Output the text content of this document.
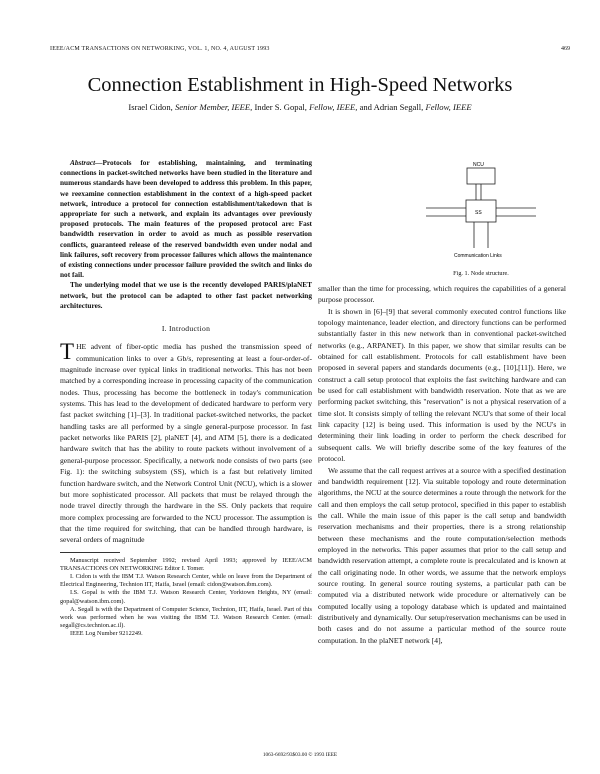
IEEE/ACM TRANSACTIONS ON NETWORKING, VOL. 1, NO. 4, AUGUST 1993	469
Connection Establishment in High-Speed Networks
Israel Cidon, Senior Member, IEEE, Inder S. Gopal, Fellow, IEEE, and Adrian Segall, Fellow, IEEE

Abstract—Protocols for establishing, maintaining, and terminating connections in packet-switched networks have been studied in the literature and numerous standards have been developed to address this problem. In this paper, we reexamine connection establishment in the context of a high-speed packet network, introduce a protocol for connection establishment/takedown that is appropriate for such a network, and explain its advantages over previously proposed protocols. The main features of the proposed protocol are: Fast bandwidth reservation in order to avoid as much as possible reservation conflicts, guaranteed release of the reserved bandwidth even under nodal and link failures, soft recovery from processor failures which allows the maintenance of existing connections under processor failure provided the switch and links do not fail.

The underlying model that we use is the recently developed PARIS/plaNET network, but the protocol can be adapted to other fast packet networking architectures.

I. Introduction

THE advent of fiber-optic media has pushed the transmission speed of communication links to over a Gb/s, representing at least a four-order-of-magnitude increase over typical links in traditional networks. This has not been matched by a corresponding increase in processing capacity of the communication nodes. Thus, processing has become the bottleneck in today's communication systems. This has lead to the development of dedicated hardware to perform very fast packet switching [1]–[3]. In traditional packet-switched networks, the packet handling tasks are all performed by a single general-purpose processor. In fast packet networks like PARIS [2], plaNET [4], and ATM [5], there is a dedicated hardware switch that has the ability to route packets without involvement of a general-purpose processor. Specifically, a network node consists of two parts (see Fig. 1): the switching subsystem (SS), which is a fast but relatively limited function hardware switch, and the Network Control Unit (NCU), which is a slower but more sophisticated processor. All packets that must be relayed through the node travel directly through the hardware in the SS. Only packets that require more complex processing are forwarded to the NCU processor. The assumption is that the time required for switching, that can be handled through hardware, is several orders of magnitude

Manuscript received September 1992; revised April 1993; approved by IEEE/ACM TRANSACTIONS ON NETWORKING Editor I. Tomer.

I. Cidon is with the IBM T.J. Watson Research Center, while on leave from the Department of Electrical Engineering, Technion IIT, Haifa, Israel (email: cidon@watson.ibm.com).

I.S. Gopal is with the IBM T.J. Watson Research Center, Yorktown Heights, NY (email: gopal@watson.ibm.com).

A. Segall is with the Department of Computer Science, Technion, IIT, Haifa, Israel. Part of this work was performed when he was visiting the IBM T.J. Watson Research Center. (email: segall@cs.technion.ac.il).

IEEE Log Number 9212249.

NCU
SS
Communication Links
Fig. 1. Node structure.

smaller than the time for processing, which requires the capabilities of a general purpose processor.

It is shown in [6]–[9] that several commonly executed control functions like topology maintenance, leader election, and directory functions can be performed substantially faster in this new network than in conventional packet-switched networks (e.g., ARPANET). In this paper, we show that similar results can be obtained for call establishment. Protocols for call establishment have been proposed in several papers and standards documents (e.g., [10],[11]). Here, we construct a call setup protocol that exploits the fast switching hardware and can be used for call establishment with bandwidth reservation. Note that as we are performing packet switching, this "reservation" is not a physical reservation of a time slot. It consists simply of telling the relevant NCU's that some of their local link capacity [12] is being used. This information is used by the NCU's in determining their link loading in order to perform the check described for subsequent calls. We will briefly describe some of the key features of the protocol.

We assume that the call request arrives at a source with a specified destination and bandwidth requirement [12]. Via suitable topology and route determination algorithms, the NCU at the source determines a route through the network for the call and then employs the call setup protocol, specified in this paper to establish the call. While the main issue of this paper is the call setup and bandwidth reservation mechanisms and their properties, there is a strong relationship between these mechanisms and the route computation/selection methods employed in the networks. This paper assumes that prior to the call setup and bandwidth reservation attempt, a complete route is precalculated and is known at the call originating node. In other words, we assume that the network employs source routing. In general source routing systems, a particular path can be computed via a distributed network wide procedure or alternatively can be computed locally using a topology database which is updated and maintained distributively and dynamically. Our setup/reservation mechanisms can be used in both cases and do not assume a particular method of the source route computation. In the plaNET network [4],

1063-6692/93$03.00 © 1993 IEEE
